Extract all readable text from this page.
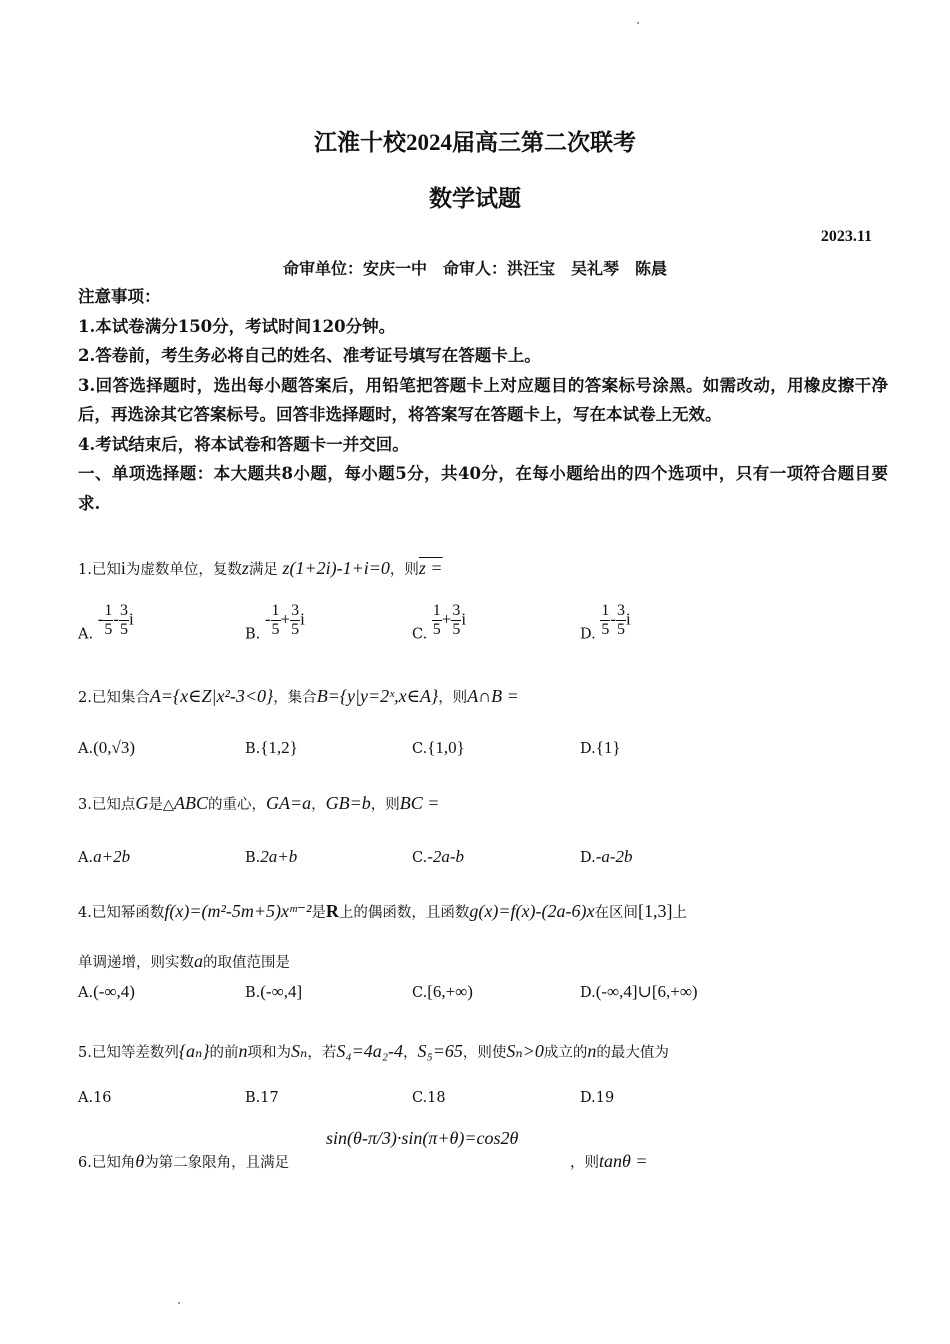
江淮十校2024届高三第二次联考
数学试题
2023.11
命审单位：安庆一中　命审人：洪汪宝　吴礼琴　陈晨
注意事项：
1.本试卷满分150分，考试时间120分钟。
2.答卷前，考生务必将自己的姓名、准考证号填写在答题卡上。
3.回答选择题时，选出每小题答案后，用铅笔把答题卡上对应题目的答案标号涂黑。如需改动，用橡皮擦干净后，再选涂其它答案标号。回答非选择题时，将答案写在答题卡上，写在本试卷上无效。
4.考试结束后，将本试卷和答题卡一并交回。
一、单项选择题：本大题共8小题，每小题5分，共40分，在每小题给出的四个选项中，只有一项符合题目要求.
1.已知i为虚数单位，复数z满足 z(1+2i)-1+i=0，则z =
A. - $\frac{1}{5} - \frac{3}{5}$ i
B. - $\frac{1}{5} + \frac{3}{5}$ i
C. $\frac{1}{5} + \frac{3}{5}$ i
D. $\frac{1}{5} - \frac{3}{5}$ i
2.已知集合A={x∈Z|x²-3<0}，集合B={y|y=2ˣ,x∈A}，则A∩B =
A.(0,√3)	B.{1,2}	C.{1,0}	D.{1}
3.已知点G是△ABC的重心，GA=a，GB=b，则BC =
A.a+2b	B.2a+b	C.-2a-b	D.-a-2b
4.已知幂函数f(x)=(m²-5m+5)xᵐ⁻²是R上的偶函数，且函数g(x)=f(x)-(2a-6)x在区间[1,3]上
单调递增，则实数a的取值范围是
A.(-∞,4)	B.(-∞,4]	C.[6,+∞)	D.(-∞,4]∪[6,+∞)
5.已知等差数列{aₙ}的前n项和为Sₙ，若S₄=4a₂-4，S₅=65，则使Sₙ>0成立的n的最大值为
A.16	B.17	C.18	D.19
6.已知角θ为第二象限角，且满足
sin(θ-π/3)·sin(π+θ)=cos2θ
，则tanθ =
